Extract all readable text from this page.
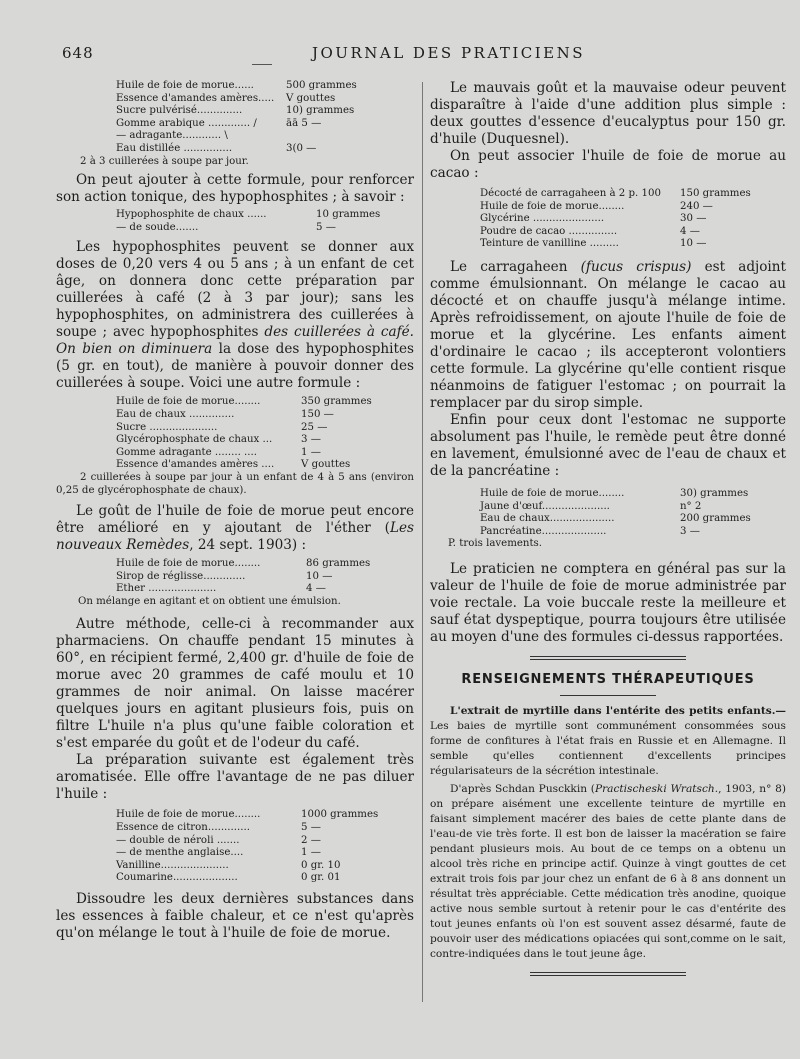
648	JOURNAL DES PRATICIENS
Huile de foie de morue......	500 grammes
Essence d'amandes amères.....	V gouttes
Sucre pulvérisé..............	10) grammes
Gomme arabique ............. /	āā 5 —
— adragante............ \	
Eau distillée ...............	3(0 —
2 à 3 cuillerées à soupe par jour.

On peut ajouter à cette formule, pour renforcer son action tonique, des hypophosphites ; à savoir :

Hypophosphite de chaux ......	10 grammes
— de soude.......	5 —

Les hypophosphites peuvent se donner aux doses de 0,20 vers 4 ou 5 ans ; à un enfant de cet âge, on donnera donc cette préparation par cuillerées à café (2 à 3 par jour); sans les hypophosphites, on administrera des cuillerées à soupe ; avec hypophosphites des cuillerées à café. On bien on diminuera la dose des hypophosphites (5 gr. en tout), de manière à pouvoir donner des cuillerées à soupe. Voici une autre formule :

Huile de foie de morue........	350 grammes
Eau de chaux ..............	150 —
Sucre .....................	25 —
Glycérophosphate de chaux ...	3 —
Gomme adragante ........ ....	1 —
Essence d'amandes amères ....	V gouttes
2 cuillerées à soupe par jour à un enfant de 4 à 5 ans (environ 0,25 de glycérophosphate de chaux).

Le goût de l'huile de foie de morue peut encore être amélioré en y ajoutant de l'éther (Les nouveaux Remèdes, 24 sept. 1903) :

Huile de foie de morue........	86 grammes
Sirop de réglisse.............	10 —
Ether .....................	4 —
On mélange en agitant et on obtient une émulsion.

Autre méthode, celle-ci à recommander aux pharmaciens. On chauffe pendant 15 minutes à 60°, en récipient fermé, 2,400 gr. d'huile de foie de morue avec 20 grammes de café moulu et 10 grammes de noir animal. On laisse macérer quelques jours en agitant plusieurs fois, puis on filtre L'huile n'a plus qu'une faible coloration et s'est emparée du goût et de l'odeur du café.

La préparation suivante est également très aromatisée. Elle offre l'avantage de ne pas diluer l'huile :

Huile de foie de morue........	1000 grammes
Essence de citron.............	5 —
— double de néroli .......	2 —
— de menthe anglaise....	1 —
Vanilline.....................	0 gr. 10
Coumarine....................	0 gr. 01

Dissoudre les deux dernières substances dans les essences à faible chaleur, et ce n'est qu'après qu'on mélange le tout à l'huile de foie de morue.

Le mauvais goût et la mauvaise odeur peuvent disparaître à l'aide d'une addition plus simple : deux gouttes d'essence d'eucalyptus pour 150 gr. d'huile (Duquesnel).

On peut associer l'huile de foie de morue au cacao :

Décocté de carragaheen à 2 p. 100	150 grammes
Huile de foie de morue........	240 —
Glycérine ......................	30 —
Poudre de cacao ...............	4 —
Teinture de vanilline .........	10 —

Le carragaheen (fucus crispus) est adjoint comme émulsionnant. On mélange le cacao au décocté et on chauffe jusqu'à mélange intime. Après refroidissement, on ajoute l'huile de foie de morue et la glycérine. Les enfants aiment d'ordinaire le cacao ; ils accepteront volontiers cette formule. La glycérine qu'elle contient risque néanmoins de fatiguer l'estomac ; on pourrait la remplacer par du sirop simple.

Enfin pour ceux dont l'estomac ne supporte absolument pas l'huile, le remède peut être donné en lavement, émulsionné avec de l'eau de chaux et de la pancréatine :

Huile de foie de morue........	30) grammes
Jaune d'œuf.....................	n° 2
Eau de chaux....................	200 grammes
Pancréatine....................	3 —
P. trois lavements.

Le praticien ne comptera en général pas sur la valeur de l'huile de foie de morue administrée par voie rectale. La voie buccale reste la meilleure et sauf état dyspeptique, pourra toujours être utilisée au moyen d'une des formules ci-dessus rapportées.

RENSEIGNEMENTS THÉRAPEUTIQUES

L'extrait de myrtille dans l'entérite des petits enfants.— Les baies de myrtille sont communément consommées sous forme de confitures à l'état frais en Russie et en Allemagne. Il semble qu'elles contiennent d'excellents principes régularisateurs de la sécrétion intestinale.

D'après Schdan Pusckkin (Practischeski Wratsch., 1903, n° 8) on prépare aisément une excellente teinture de myrtille en faisant simplement macérer des baies de cette plante dans de l'eau-de vie très forte. Il est bon de laisser la macération se faire pendant plusieurs mois. Au bout de ce temps on a obtenu un alcool très riche en principe actif. Quinze à vingt gouttes de cet extrait trois fois par jour chez un enfant de 6 à 8 ans donnent un résultat très appréciable. Cette médication très anodine, quoique active nous semble surtout à retenir pour le cas d'entérite des tout jeunes enfants où l'on est souvent assez désarmé, faute de pouvoir user des médications opiacées qui sont,comme on le sait, contre-indiquées dans le tout jeune âge.
